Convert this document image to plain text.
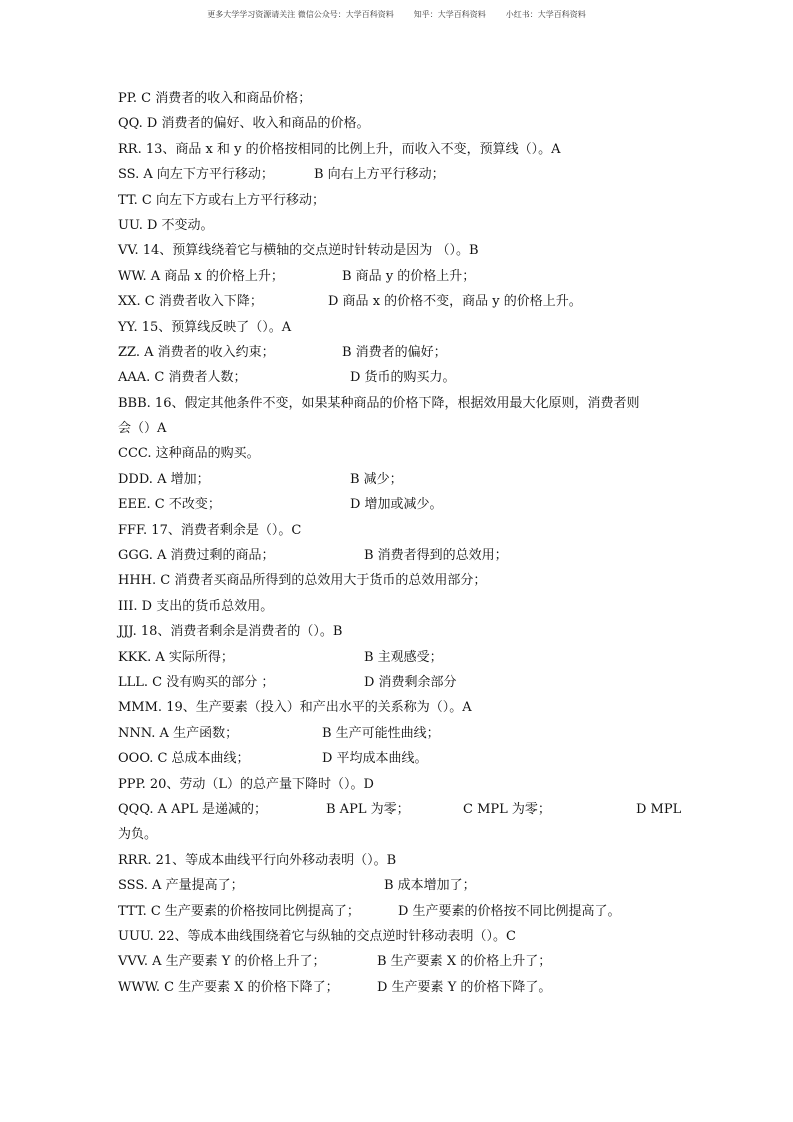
更多大学学习资源请关注 微信公众号：大学百科资料	知乎：大学百科资料	小红书：大学百科资料
PP. C 消费者的收入和商品价格；
QQ. D 消费者的偏好、收入和商品的价格。
RR. 13、商品 x 和 y 的价格按相同的比例上升，而收入不变，预算线（）。A
SS. A 向左下方平行移动；	B 向右上方平行移动；
TT. C 向左下方或右上方平行移动；
UU. D 不变动。
VV. 14、预算线绕着它与横轴的交点逆时针转动是因为 （）。B
WW. A 商品 x 的价格上升；	B 商品 y 的价格上升；
XX. C 消费者收入下降；	D 商品 x 的价格不变，商品 y 的价格上升。
YY. 15、预算线反映了（）。A
ZZ. A 消费者的收入约束；	B 消费者的偏好；
AAA. C 消费者人数；	D 货币的购买力。
BBB. 16、假定其他条件不变，如果某种商品的价格下降，根据效用最大化原则，消费者则
会（）A
CCC. 这种商品的购买。
DDD. A 增加；	B 减少；
EEE. C 不改变；	D 增加或减少。
FFF. 17、消费者剩余是（）。C
GGG. A 消费过剩的商品；	B 消费者得到的总效用；
HHH. C 消费者买商品所得到的总效用大于货币的总效用部分；
III. D 支出的货币总效用。
JJJ. 18、消费者剩余是消费者的（）。B
KKK. A 实际所得；	B 主观感受；
LLL. C 没有购买的部分 ；	D 消费剩余部分
MMM. 19、生产要素（投入）和产出水平的关系称为（）。A
NNN. A 生产函数；	B 生产可能性曲线；
OOO. C 总成本曲线；	D 平均成本曲线。
PPP. 20、劳动（L）的总产量下降时（）。D
QQQ. A APL 是递减的；	B APL 为零；	C MPL 为零；	D MPL
为负。
RRR. 21、等成本曲线平行向外移动表明（）。B
SSS. A 产量提高了；	B 成本增加了；
TTT. C 生产要素的价格按同比例提高了；	D 生产要素的价格按不同比例提高了。
UUU. 22、等成本曲线围绕着它与纵轴的交点逆时针移动表明（）。C
VVV. A 生产要素 Y 的价格上升了；	B 生产要素 X 的价格上升了；
WWW. C 生产要素 X 的价格下降了；	D 生产要素 Y 的价格下降了。
